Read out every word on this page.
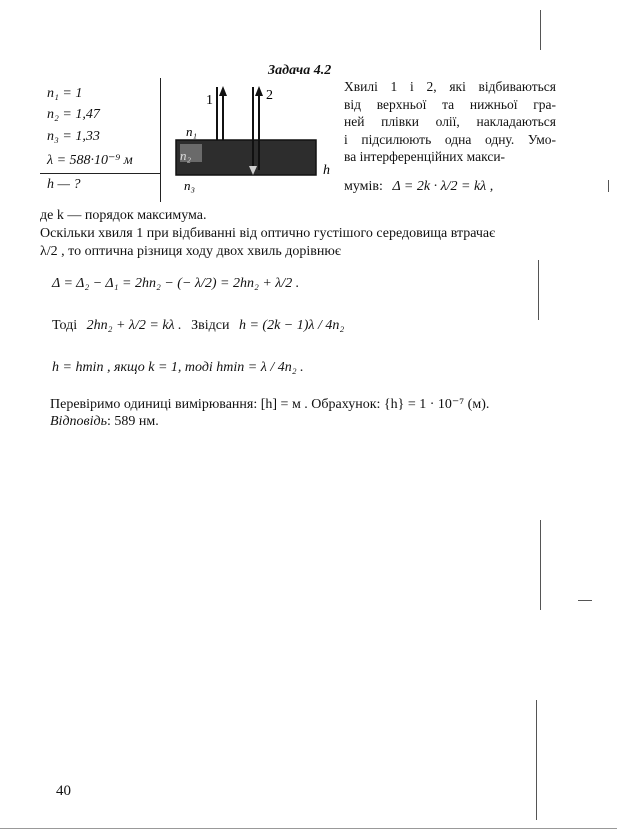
Задача 4.2
n₁ = 1
n₂ = 1,47
n₃ = 1,33
λ = 588·10⁻⁹ м
h — ?
1	2
n₁
n₂
n₃
h

Хвилі 1 і 2, які відбиваються

від верхньої та нижньої гра-

ней плівки олії, накладаються

і підсилюють одна одну. Умо-

ва інтерференційних макси-

мумів: Δ = 2k · λ/2 = kλ ,
де k — порядок максимума.
Оскільки хвиля 1 при відбиванні від оптично густішого середовища втрачає
λ/2 , то оптична різниця ходу двох хвиль дорівнює
Δ = Δ₂ − Δ₁ = 2hn₂ − (− λ/2) = 2hn₂ + λ/2 .
Тоді 2hn₂ + λ/2 = kλ . Звідси h = (2k − 1)λ / 4n₂
h = hmin , якщо k = 1, тоді hmin = λ / 4n₂ .
Перевіримо одиниці вимірювання: [h] = м . Обрахунок: {h} = 1 · 10⁻⁷ (м).
Відповідь: 589 нм.
40
